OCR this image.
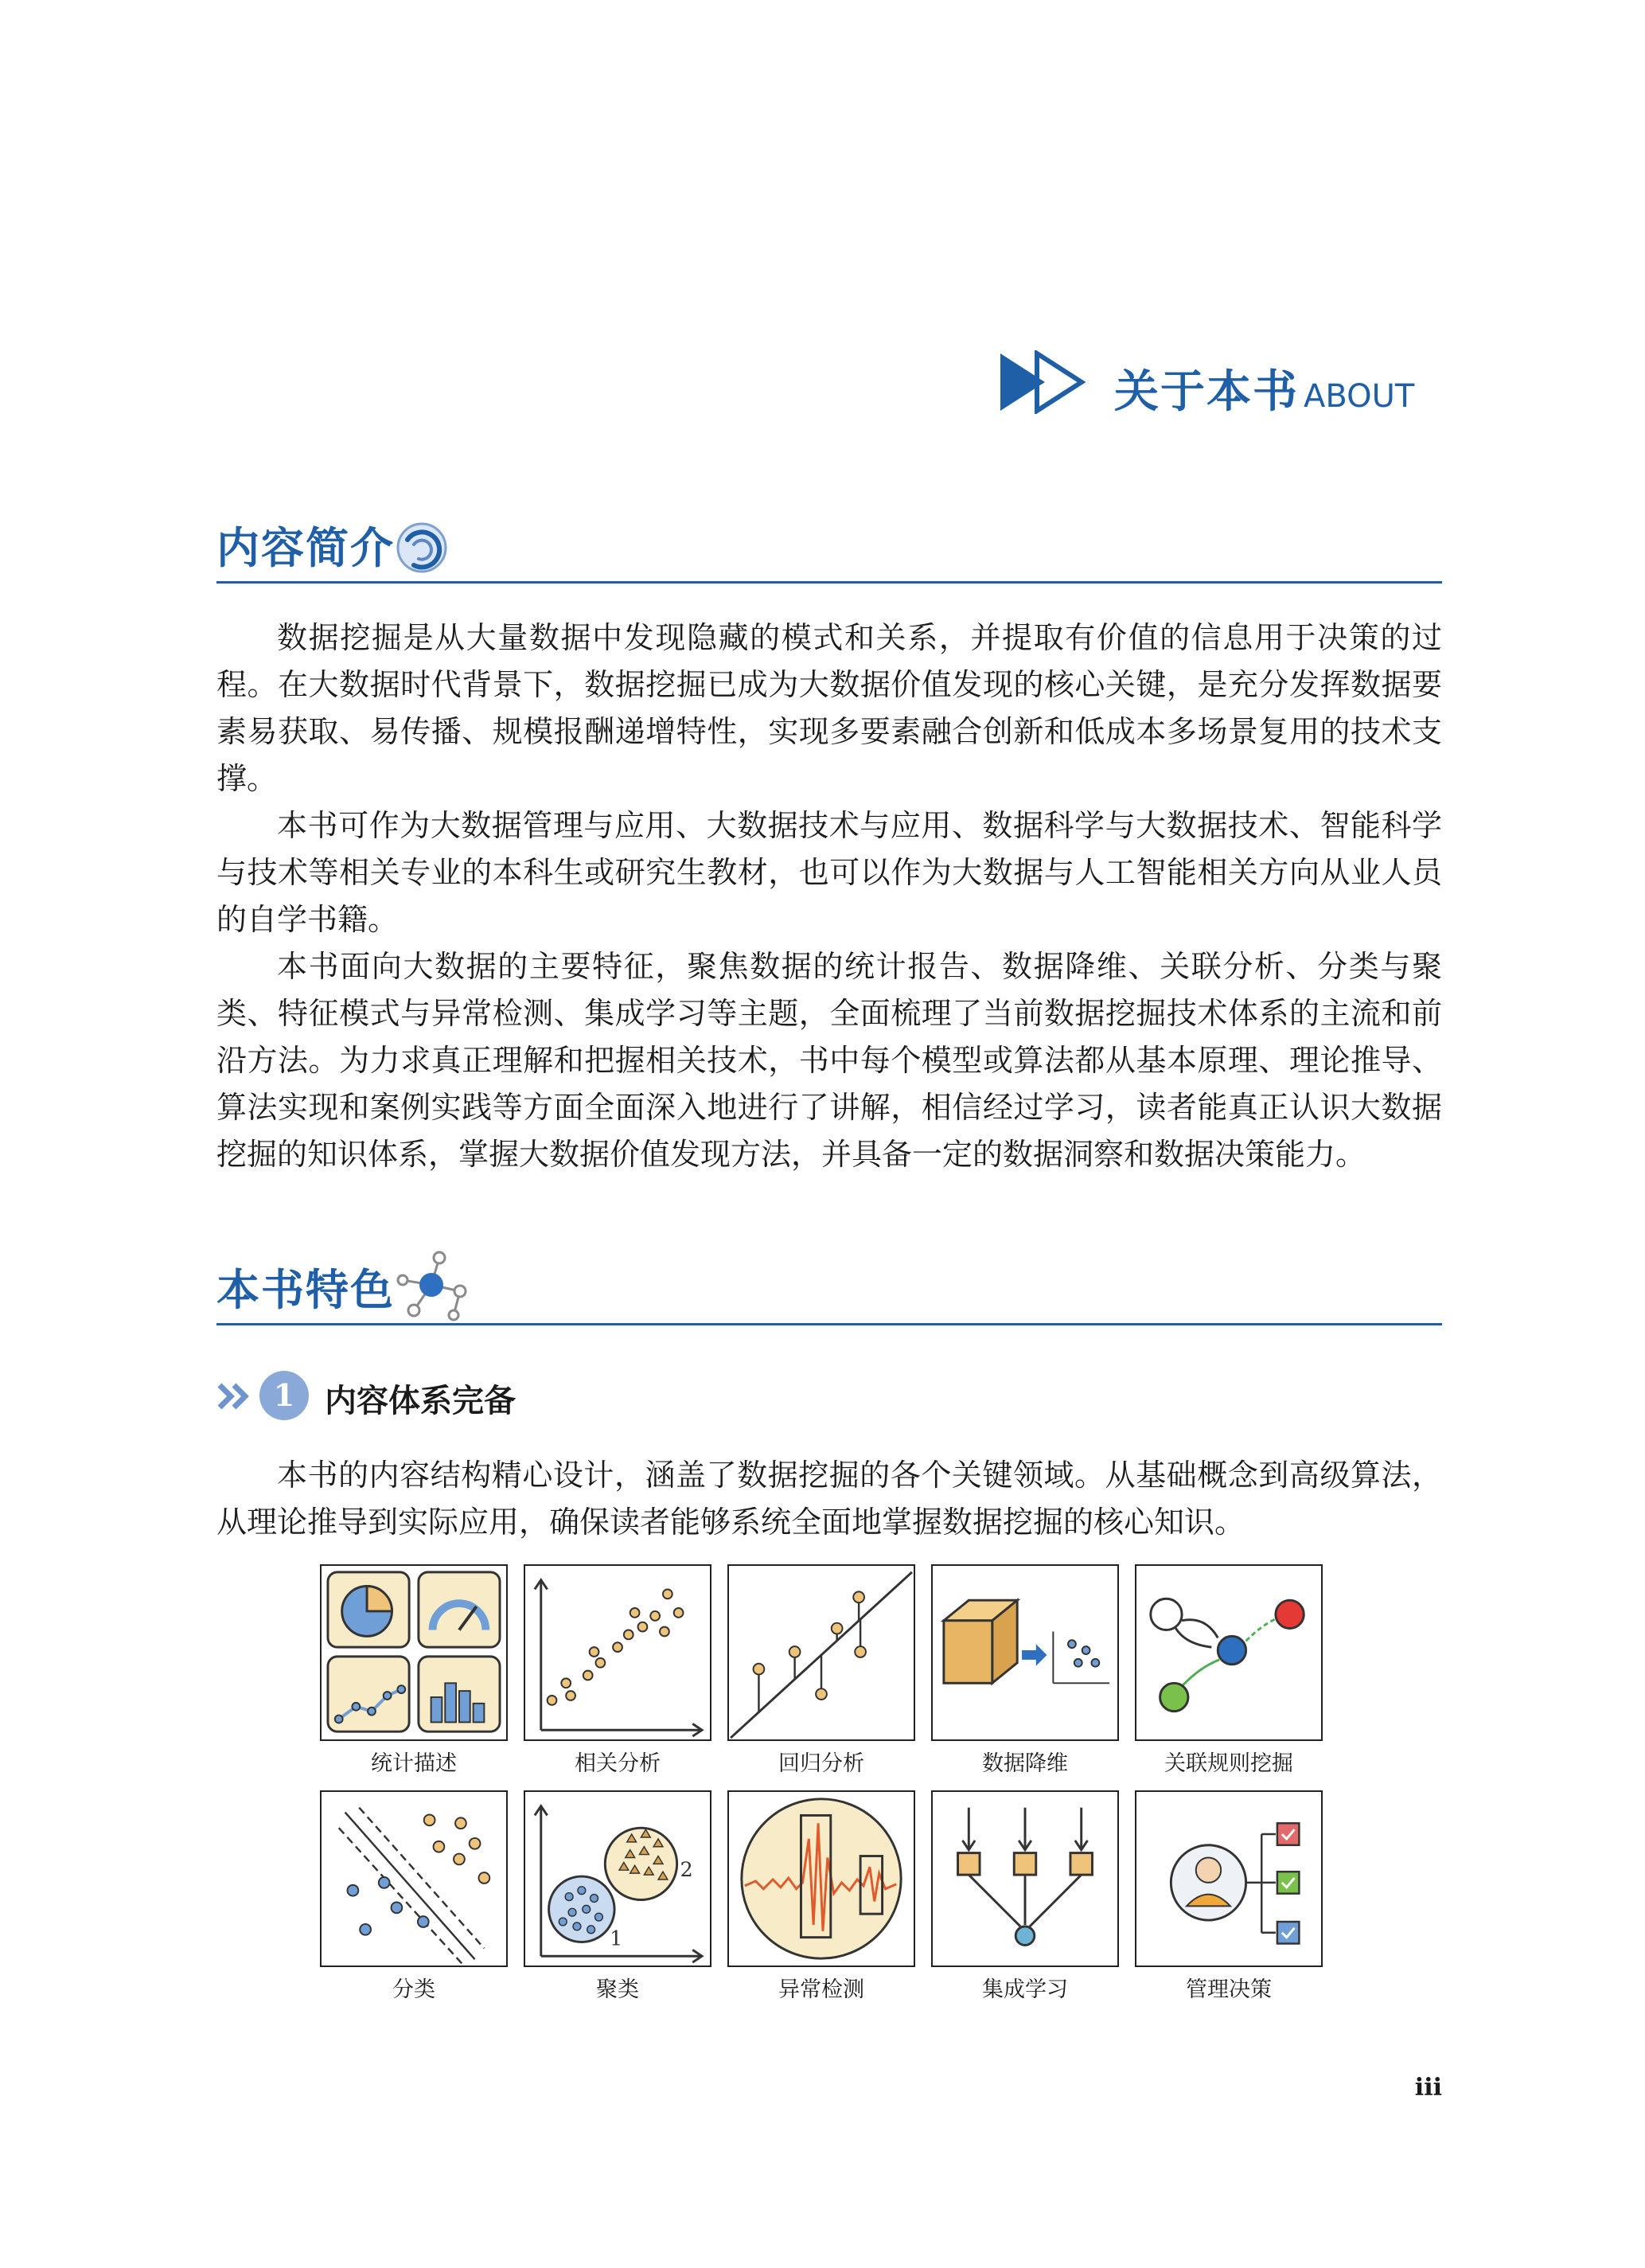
关于本书 ABOUT
内容简介

数据挖掘是从大量数据中发现隐藏的模式和关系，并提取有价值的信息用于决策的过程。在大数据时代背景下，数据挖掘已成为大数据价值发现的核心关键，是充分发挥数据要素易获取、易传播、规模报酬递增特性，实现多要素融合创新和低成本多场景复用的技术支撑。

本书可作为大数据管理与应用、大数据技术与应用、数据科学与大数据技术、智能科学与技术等相关专业的本科生或研究生教材，也可以作为大数据与人工智能相关方向从业人员的自学书籍。

本书面向大数据的主要特征，聚焦数据的统计报告、数据降维、关联分析、分类与聚类、特征模式与异常检测、集成学习等主题，全面梳理了当前数据挖掘技术体系的主流和前沿方法。为力求真正理解和把握相关技术，书中每个模型或算法都从基本原理、理论推导、算法实现和案例实践等方面全面深入地进行了讲解，相信经过学习，读者能真正认识大数据挖掘的知识体系，掌握大数据价值发现方法，并具备一定的数据洞察和数据决策能力。

本书特色
1 内容体系完备

本书的内容结构精心设计，涵盖了数据挖掘的各个关键领域。从基础概念到高级算法，从理论推导到实际应用，确保读者能够系统全面地掌握数据挖掘的核心知识。

统计描述	相关分析	回归分析	数据降维	关联规则挖掘
分类
2
1
聚类	异常检测	集成学习	管理决策
iii
